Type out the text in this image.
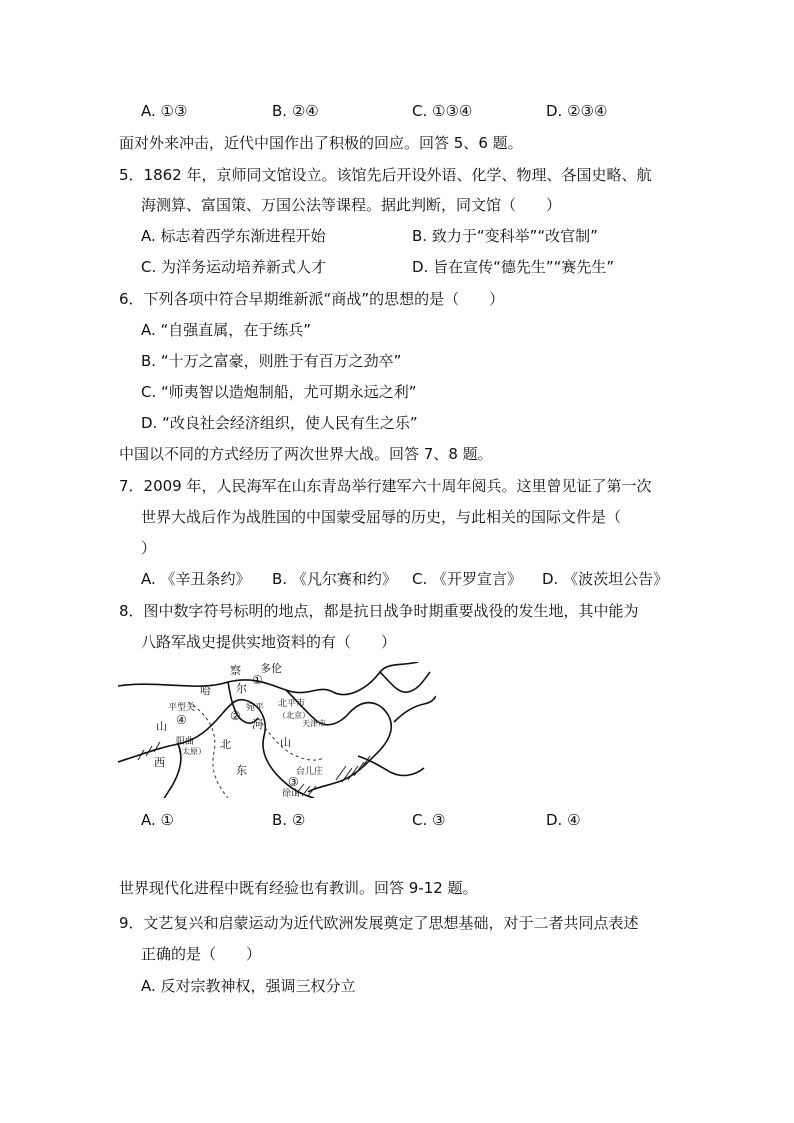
A. ①③	B. ②④	C. ①③④	D. ②③④
面对外来冲击，近代中国作出了积极的回应。回答 5、6 题。
5．1862 年，京师同文馆设立。该馆先后开设外语、化学、物理、各国史略、航
海测算、富国策、万国公法等课程。据此判断，同文馆（　　）
A. 标志着西学东渐进程开始	B. 致力于“变科举”“改官制”
C. 为洋务运动培养新式人才	D. 旨在宣传“德先生”“赛先生”
6．下列各项中符合早期维新派“商战”的思想的是（　　）
A. “自强直属，在于练兵”
B. “十万之富豪，则胜于有百万之劲卒”
C. “师夷智以造炮制船，尤可期永远之利”
D. “改良社会经济组织，使人民有生之乐”
中国以不同的方式经历了两次世界大战。回答 7、8 题。
7．2009 年，人民海军在山东青岛举行建军六十周年阅兵。这里曾见证了第一次
世界大战后作为战胜国的中国蒙受屈辱的历史，与此相关的国际文件是（
）
A. 《辛丑条约》 B. 《凡尔赛和约》 C. 《开罗宣言》 D. 《波茨坦公告》
8．图中数字符号标明的地点，都是抗日战争时期重要战役的发生地，其中能为
八路军战史提供实地资料的有（　　）
察 多伦
哈 尔
平型关	宛平 北平市
（北京）
天津市
山	河
阳曲
（太原）
北	山
西
东	台儿庄
徐山
①
②
③
④
A. ①	B. ②	C. ③	D. ④
世界现代化进程中既有经验也有教训。回答 9-12 题。
9．文艺复兴和启蒙运动为近代欧洲发展奠定了思想基础，对于二者共同点表述
正确的是（　　）
A. 反对宗教神权，强调三权分立
